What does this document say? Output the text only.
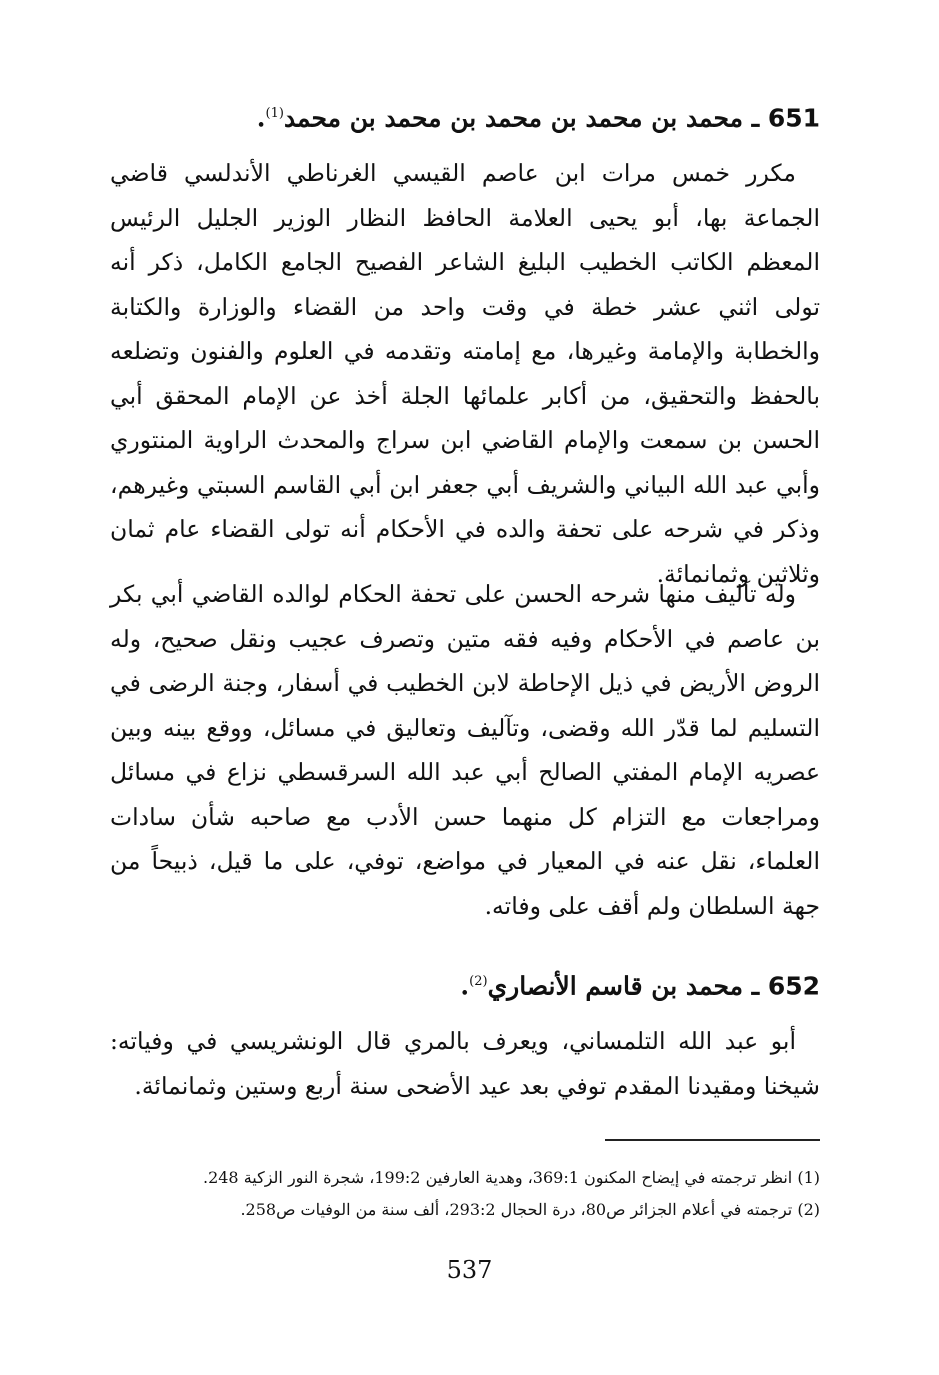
651 ـ محمد بن محمد بن محمد بن محمد بن محمد$^{(1)}$.

مكرر خمس مرات ابن عاصم القيسي الغرناطي الأندلسي قاضي الجماعة بها، أبو يحيى العلامة الحافظ النظار الوزير الجليل الرئيس المعظم الكاتب الخطيب البليغ الشاعر الفصيح الجامع الكامل، ذكر أنه تولى اثني عشر خطة في وقت واحد من القضاء والوزارة والكتابة والخطابة والإمامة وغيرها، مع إمامته وتقدمه في العلوم والفنون وتضلعه بالحفظ والتحقيق، من أكابر علمائها الجلة أخذ عن الإمام المحقق أبي الحسن بن سمعت والإمام القاضي ابن سراج والمحدث الراوية المنتوري وأبي عبد الله البياني والشريف أبي جعفر ابن أبي القاسم السبتي وغيرهم، وذكر في شرحه على تحفة والده في الأحكام أنه تولى القضاء عام ثمان وثلاثين وثمانمائة.

وله تآليف منها شرحه الحسن على تحفة الحكام لوالده القاضي أبي بكر بن عاصم في الأحكام وفيه فقه متين وتصرف عجيب ونقل صحيح، وله الروض الأريض في ذيل الإحاطة لابن الخطيب في أسفار، وجنة الرضى في التسليم لما قدّر الله وقضى، وتآليف وتعاليق في مسائل، ووقع بينه وبين عصريه الإمام المفتي الصالح أبي عبد الله السرقسطي نزاع في مسائل ومراجعات مع التزام كل منهما حسن الأدب مع صاحبه شأن سادات العلماء، نقل عنه في المعيار في مواضع، توفي، على ما قيل، ذبيحاً من جهة السلطان ولم أقف على وفاته.

652 ـ محمد بن قاسم الأنصاري$^{(2)}$.

أبو عبد الله التلمساني، ويعرف بالمري قال الونشريسي في وفياته: شيخنا ومقيدنا المقدم توفي بعد عيد الأضحى سنة أربع وستين وثمانمائة.

(1) انظر ترجمته في إيضاح المكنون 369:1، وهدية العارفين 199:2، شجرة النور الزكية 248.
(2) ترجمته في أعلام الجزائر ص80، درة الحجال 293:2، ألف سنة من الوفيات ص258.
537
